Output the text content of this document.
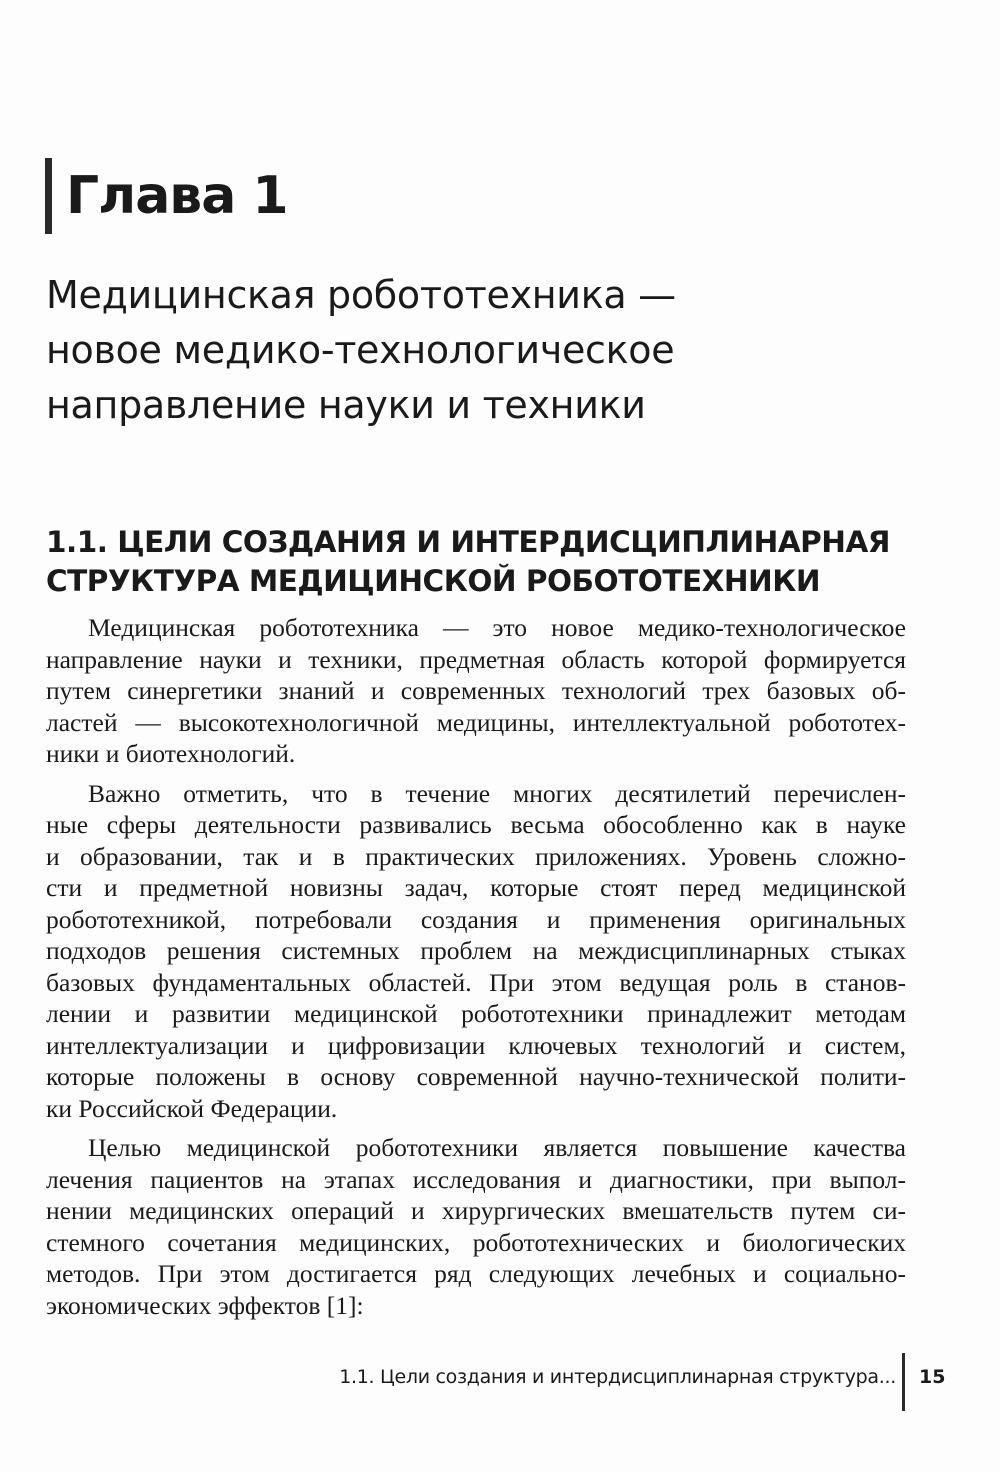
Глава 1
Медицинская робототехника —
новое медико-технологическое
направление науки и техники
1.1. ЦЕЛИ СОЗДАНИЯ И ИНТЕРДИСЦИПЛИНАРНАЯ
СТРУКТУРА МЕДИЦИНСКОЙ РОБОТОТЕХНИКИ
Медицинская робототехника — это новое медико-технологическое
направление науки и техники, предметная область которой формируется
путем синергетики знаний и современных технологий трех базовых об-
ластей — высокотехнологичной медицины, интеллектуальной робототех-
ники и биотехнологий.
Важно отметить, что в течение многих десятилетий перечислен-
ные сферы деятельности развивались весьма обособленно как в науке
и образовании, так и в практических приложениях. Уровень сложно-
сти и предметной новизны задач, которые стоят перед медицинской
робототехникой, потребовали создания и применения оригинальных
подходов решения системных проблем на междисциплинарных стыках
базовых фундаментальных областей. При этом ведущая роль в станов-
лении и развитии медицинской робототехники принадлежит методам
интеллектуализации и цифровизации ключевых технологий и систем,
которые положены в основу современной научно-технической полити-
ки Российской Федерации.
Целью медицинской робототехники является повышение качества
лечения пациентов на этапах исследования и диагностики, при выпол-
нении медицинских операций и хирургических вмешательств путем си-
стемного сочетания медицинских, робототехнических и биологических
методов. При этом достигается ряд следующих лечебных и социально-
экономических эффектов [1]:
1.1. Цели создания и интердисциплинарная структура... 15
